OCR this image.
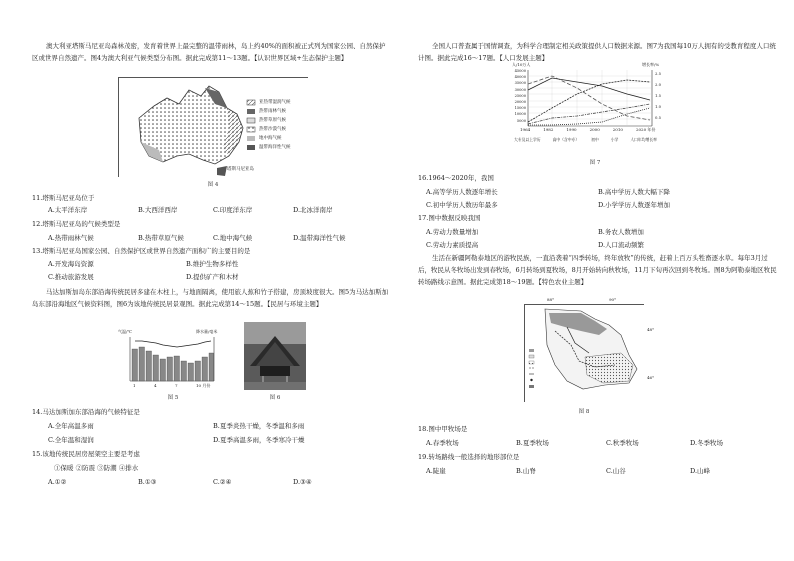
澳大利亚塔斯马尼亚岛森林茂密，发育着世界上最完整的温带雨林，岛上约40%的面积被正式列为国家公园、自然保护区或世界自然遗产。图4为澳大利亚气候类型分布图。据此完成第11～13题。【认识世界区域+生态保护主题】

亚热带湿润气候
热带雨林气候
热带草原气候
热带沙漠气候
地中海气候
温带海洋性气候
塔斯马尼亚岛
图 4

11.塔斯马尼亚岛位于

A.太平洋东岸	B.大西洋西岸	C.印度洋东岸	D.北冰洋南岸

12.塔斯马尼亚岛的气候类型是

A.热带雨林气候	B.热带草原气候	C.地中海气候	D.温带海洋性气候

13.塔斯马尼亚岛国家公园、自然保护区或世界自然遗产面积广的主要目的是

A.开发海岛资源	B.维护生物多样性
C.推动旅游发展	D.提供矿产和木材

马达加斯加岛东部沿海传统民居多建在木柱上，与地面隔离，使用旅人蕉和竹子搭建，房顶坡度很大。图5为马达加斯加岛东部沿海地区气候资料图，图6为该地传统民居景观图。据此完成第14～15题。【民居与环境主题】

气温/℃	降水量/毫米
1	4	7	10 月份
图 5	图 6

14.马达加斯加东部沿海的气候特征是

A.全年高温多雨	B.夏季炎热干燥，冬季温和多雨
C.全年温和湿润	D.夏季高温多雨，冬季寒冷干燥

15.该地传统民居房屋架空主要是考虑

①保暖 ②防震 ③防潮 ④排水

A.①②	B.①③	C.②④	D.③④

全国人口普查属于国情调查，为科学合理制定相关政策提供人口数据来源。图7为我国每10万人拥有的受教育程度人口统计图。据此完成16～17题。【人口发展主题】

人/10万人	增长率/%
45000
40000
35000
30000
25000
20000
15000
10000
5000
2.5
2.0
1.5
1.0
0.5
1964	1982	1990	2000	2010	2020 年份
大专及以上学历	高中（含中专）	初中	小学	人口年均增长率
图 7

16.1964～2020年，我国

A.高等学历人数逐年增长	B.高中学历人数大幅下降
C.初中学历人数历年最多	D.小学学历人数逐年增加

17.图中数据反映我国

A.劳动力数量增加	B.务农人数增加
C.劳动力素质提高	D.人口流动频繁

生活在新疆阿勒泰地区的游牧民族，一直沿袭着“四季转场，终年放牧”的传统，赶着上百万头牲畜逐水草。每年3月过后，牧民从冬牧场出发到春牧场，6月转场到夏牧场，8月开始转向秋牧场，11月下旬再次回到冬牧场。图8为阿勒泰地区牧民转场路线示意图。据此完成第18～19题。【特色农业主题】

88°	90°
48°
46°
图 8

18.图中甲牧场是

A.春季牧场	B.夏季牧场	C.秋季牧场	D.冬季牧场

19.转场路线一般选择的地形部位是

A.陡崖	B.山脊	C.山谷	D.山峰
